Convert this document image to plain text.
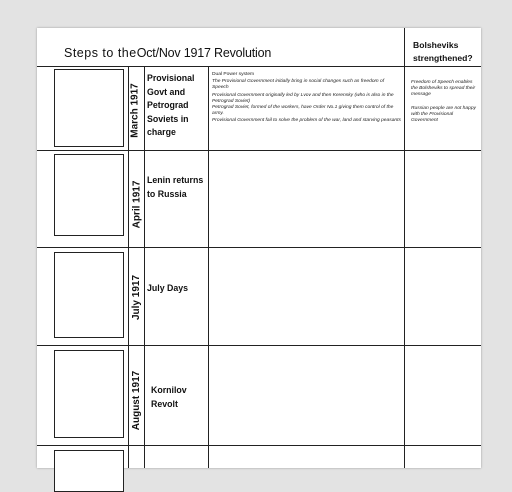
Steps to theOct/Nov 1917 Revolution
Bolsheviks strengthened?
March 1917
Provisional Govt and Petrograd Soviets in charge

Dual Power system

The Provisional Government initially bring in social changes such as freedom of Speech

Provisional Government originally led by Lvov and then Kerensky (who is also in the Petrograd Soviet)

Petrograd Soviet, formed of the workers, have Order No.1 giving them control of the army.

Provisional Government fail to solve the problem of the war, land and starving peasants

Freedom of Speech enables the Bolsheviks to spread their message

Russian people are not happy with the Provisional Government

April 1917
Lenin returns to Russia
July 1917 July Days
August 1917 Kornilov Revolt
